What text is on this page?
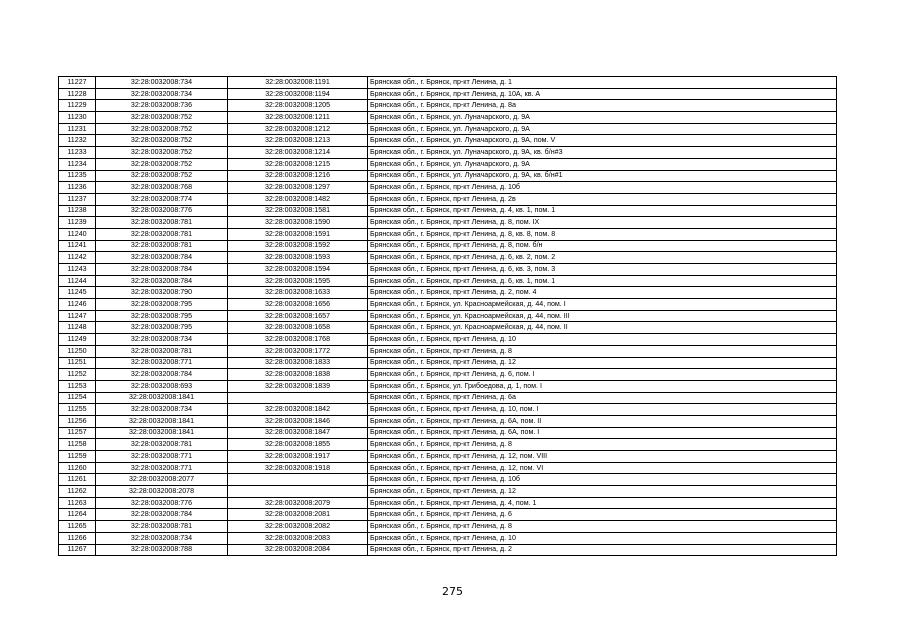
11227	32:28:0032008:734	32:28:0032008:1191	Брянская обл., г. Брянск, пр-кт Ленина, д. 1
11228	32:28:0032008:734	32:28:0032008:1194	Брянская обл., г. Брянск, пр-кт Ленина, д. 10А, кв. А
11229	32:28:0032008:736	32:28:0032008:1205	Брянская обл., г. Брянск, пр-кт Ленина, д. 8а
11230	32:28:0032008:752	32:28:0032008:1211	Брянская обл., г. Брянск, ул. Луначарского, д. 9А
11231	32:28:0032008:752	32:28:0032008:1212	Брянская обл., г. Брянск, ул. Луначарского, д. 9А
11232	32:28:0032008:752	32:28:0032008:1213	Брянская обл., г. Брянск, ул. Луначарского, д. 9А, пом. V
11233	32:28:0032008:752	32:28:0032008:1214	Брянская обл., г. Брянск, ул. Луначарского, д. 9А, кв. б/н#3
11234	32:28:0032008:752	32:28:0032008:1215	Брянская обл., г. Брянск, ул. Луначарского, д. 9А
11235	32:28:0032008:752	32:28:0032008:1216	Брянская обл., г. Брянск, ул. Луначарского, д. 9А, кв. б/н#1
11236	32:28:0032008:768	32:28:0032008:1297	Брянская обл., г. Брянск, пр-кт Ленина, д. 10б
11237	32:28:0032008:774	32:28:0032008:1482	Брянская обл., г. Брянск, пр-кт Ленина, д. 2в
11238	32:28:0032008:776	32:28:0032008:1581	Брянская обл., г. Брянск, пр-кт Ленина, д. 4, кв. 1, пом. 1
11239	32:28:0032008:781	32:28:0032008:1590	Брянская обл., г. Брянск, пр-кт Ленина, д. 8, пом. IX
11240	32:28:0032008:781	32:28:0032008:1591	Брянская обл., г. Брянск, пр-кт Ленина, д. 8, кв. 8, пом. 8
11241	32:28:0032008:781	32:28:0032008:1592	Брянская обл., г. Брянск, пр-кт Ленина, д. 8, пом. б/н
11242	32:28:0032008:784	32:28:0032008:1593	Брянская обл., г. Брянск, пр-кт Ленина, д. 6, кв. 2, пом. 2
11243	32:28:0032008:784	32:28:0032008:1594	Брянская обл., г. Брянск, пр-кт Ленина, д. 6, кв. 3, пом. 3
11244	32:28:0032008:784	32:28:0032008:1595	Брянская обл., г. Брянск, пр-кт Ленина, д. 6, кв. 1, пом. 1
11245	32:28:0032008:790	32:28:0032008:1633	Брянская обл., г. Брянск, пр-кт Ленина, д. 2, пом. 4
11246	32:28:0032008:795	32:28:0032008:1656	Брянская обл., г. Брянск, ул. Красноармейская, д. 44, пом. I
11247	32:28:0032008:795	32:28:0032008:1657	Брянская обл., г. Брянск, ул. Красноармейская, д. 44, пом. III
11248	32:28:0032008:795	32:28:0032008:1658	Брянская обл., г. Брянск, ул. Красноармейская, д. 44, пом. II
11249	32:28:0032008:734	32:28:0032008:1768	Брянская обл., г. Брянск, пр-кт Ленина, д. 10
11250	32:28:0032008:781	32:28:0032008:1772	Брянская обл., г. Брянск, пр-кт Ленина, д. 8
11251	32:28:0032008:771	32:28:0032008:1833	Брянская обл., г. Брянск, пр-кт Ленина, д. 12
11252	32:28:0032008:784	32:28:0032008:1838	Брянская обл., г. Брянск, пр-кт Ленина, д. 6, пом. I
11253	32:28:0032008:693	32:28:0032008:1839	Брянская обл., г. Брянск, ул. Грибоедова, д. 1, пом. I
11254	32:28:0032008:1841		Брянская обл., г. Брянск, пр-кт Ленина, д. 6а
11255	32:28:0032008:734	32:28:0032008:1842	Брянская обл., г. Брянск, пр-кт Ленина, д. 10, пом. I
11256	32:28:0032008:1841	32:28:0032008:1846	Брянская обл., г. Брянск, пр-кт Ленина, д. 6А, пом. II
11257	32:28:0032008:1841	32:28:0032008:1847	Брянская обл., г. Брянск, пр-кт Ленина, д. 6А, пом. I
11258	32:28:0032008:781	32:28:0032008:1855	Брянская обл., г. Брянск, пр-кт Ленина, д. 8
11259	32:28:0032008:771	32:28:0032008:1917	Брянская обл., г. Брянск, пр-кт Ленина, д. 12, пом. VIII
11260	32:28:0032008:771	32:28:0032008:1918	Брянская обл., г. Брянск, пр-кт Ленина, д. 12, пом. VI
11261	32:28:0032008:2077		Брянская обл., г. Брянск, пр-кт Ленина, д. 10б
11262	32:28:0032008:2078		Брянская обл., г. Брянск, пр-кт Ленина, д. 12
11263	32:28:0032008:776	32:28:0032008:2079	Брянская обл., г. Брянск, пр-кт Ленина, д. 4, пом. 1
11264	32:28:0032008:784	32:28:0032008:2081	Брянская обл., г. Брянск, пр-кт Ленина, д. 6
11265	32:28:0032008:781	32:28:0032008:2082	Брянская обл., г. Брянск, пр-кт Ленина, д. 8
11266	32:28:0032008:734	32:28:0032008:2083	Брянская обл., г. Брянск, пр-кт Ленина, д. 10
11267	32:28:0032008:788	32:28:0032008:2084	Брянская обл., г. Брянск, пр-кт Ленина, д. 2
275
